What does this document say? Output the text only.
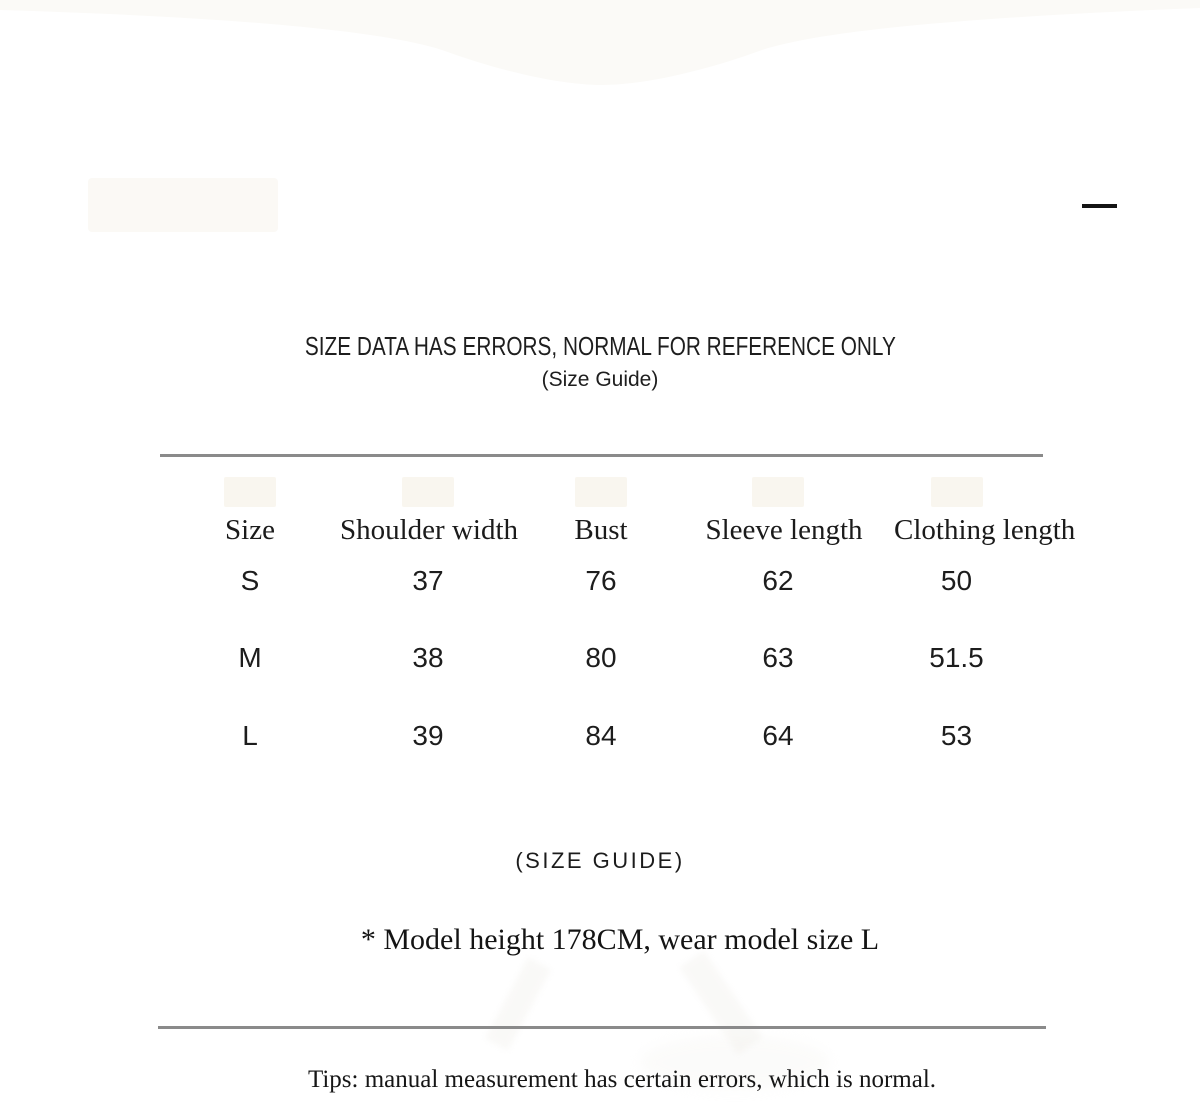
SIZE DATA HAS ERRORS, NORMAL FOR REFERENCE ONLY
(Size Guide)
Size	Shoulder width	Bust	Sleeve length	Clothing length
S	37	76	62	50
M	38	80	63	51.5
L	39	84	64	53
(SIZE GUIDE)
* Model height 178CM, wear model size L
Tips: manual measurement has certain errors, which is normal.
